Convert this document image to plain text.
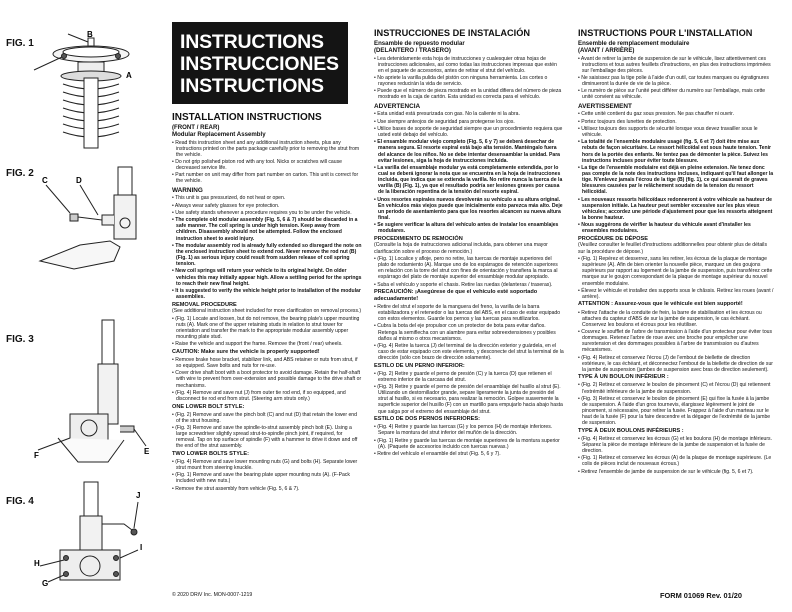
FIG. 1
B
A
FIG. 2
C	D
FIG. 3
F	E
FIG. 4
J
I
H
G
INSTRUCTIONS
INSTRUCCIONES
INSTRUCTIONS
INSTALLATION INSTRUCTIONS
(FRONT / REAR)
Modular Replacement Assembly
• Read this instruction sheet and any additional instruction sheets, plus any instructions printed on the parts package carefully prior to removing the strut from the vehicle.
• Do not grip polished piston rod with any tool. Nicks or scratches will cause decreased service life.
• Part number on unit may differ from part number on carton. This unit is correct for the vehicle.
WARNING
• This unit is gas pressurized, do not heat or open.
• Always wear safety glasses for eye protection.
• Use safety stands whenever a procedure requires you to be under the vehicle.
• The complete old modular assembly (Fig. 5, 6 & 7) should be discarded in a safe manner. The coil spring is under high tension. Keep away from children. Disassembly should not be attempted. Follow the enclosed instruction sheet to avoid injury.
• The modular assembly rod is already fully extended so disregard the note on the enclosed instruction sheet to extend rod. Never remove the rod nut (B) (Fig. 1) as serious injury could result from sudden release of coil spring tension.
• New coil springs will return your vehicle to its original height. On older vehicles this may initially appear high. Allow a settling period for the springs to reach their new final height.
• It is suggested to verify the vehicle height prior to installation of the modular assemblies.
REMOVAL PROCEDURE

(See additional instruction sheet included for more clarification on removal process.)

• (Fig. 1) Locate and loosen, but do not remove, the bearing plate's upper mounting nuts (A). Mark one of the upper retaining studs in relation to strut tower for orientation and transfer the mark to the appropriate modular assembly upper mounting plate stud.
• Raise the vehicle and support the frame. Remove the (front / rear) wheels.
CAUTION: Make sure the vehicle is properly supported!
• Remove brake hose bracket, stabilizer link, and ABS retainer or nuts from strut, if so equipped. Save bolts and nuts for re-use.
• Cover drive shaft boot with a boot protector to avoid damage. Retain the half-shaft with wire to prevent from over-extension and possible damage to the drive shaft or mechanisms.
• (Fig. 4) Remove and save nut (J) from outer tie rod end, if so equipped, and disconnect tie rod end from strut. (Steering arm struts only.)
ONE LOWER BOLT STYLE:
• (Fig. 2) Remove and save the pinch bolt (C) and nut (D) that retain the lower end of the strut housing.
• (Fig. 3) Remove and save the spindle-to-strut assembly pinch bolt (E). Using a large screwdriver slightly spread strut-to-spindle pinch joint, if required, for removal. Tap on top surface of spindle (F) with a hammer to drive it down and off the end of the strut assembly.
TWO LOWER BOLTS STYLE:
• (Fig. 4) Remove and save lower mounting nuts (G) and bolts (H). Separate lower strut mount from steering knuckle.
• (Fig. 1) Remove and save the bearing plate upper mounting nuts (A). (F-Pack included with new nuts.)
• Remove the strut assembly from vehicle (Fig. 5, 6 & 7).
INSTRUCCIONES DE INSTALACIÓN
Ensamble de repuesto modular
(DELANTERO / TRASERO)
• Lea detenidamente esta hoja de instrucciones y cualesquier otras hojas de instrucciones adicionales, así como todas las instrucciones impresas que estén en el paquete de accesorios, antes de retirar el strut del vehículo.
• No apriete la varilla pulida del pistón con ninguna herramienta. Los cortes o rayones reducirán la vida de servicio.
• Puede que el número de pieza mostrado en la unidad difiera del número de pieza mostrado en la caja de cartón. Esta unidad es correcta para el vehículo.
ADVERTENCIA
• Esta unidad está presurizada con gas. No la caliente ni la abra.
• Use siempre anteojos de seguridad para protegerse los ojos.
• Utilice bases de soporte de seguridad siempre que un procedimiento requiera que usted esté debajo del vehículo.
• El ensamble modular viejo completo (Fig. 5, 6 y 7) se deberá desechar de manera segura. El resorte espiral está bajo alta tensión. Manténgalo fuera del alcance de los niños. No se debe intentar desensamblar la unidad. Para evitar lesiones, siga la hoja de instrucciones incluida.
• La varilla del ensamblaje modular ya está completamente extendida, por lo cual se deberá ignorar la nota que se encuentra en la hoja de instrucciones incluida, que indica que se extienda la varilla. No retire nunca la tuerca de la varilla (B) (Fig. 1), ya que el resultado podría ser lesiones graves por causa de la liberación repentina de la tensión del resorte espiral.
• Unos resortes espirales nuevos devolverán su vehículo a su altura original. En vehículos más viejos puede que inicialmente esto parezca más alto. Deje un periodo de asentamiento para que los resortes alcancen su nueva altura final.
• Se sugiere verificar la altura del vehículo antes de instalar los ensamblajes modulares.
PROCEDIMIENTO DE REMOCIÓN

(Consulte la hoja de instrucciones adicional incluida, para obtener una mayor clarificación sobre el proceso de remoción.)

• (Fig. 1) Localice y afloje, pero no retire, las tuercas de montaje superiores del plato de rodamiento (A). Marque uno de los espárragos de retención superiores en relación con la torre del strut con fines de orientación y transfiera la marca al espárrago del plato de montaje superior del ensamblaje modular apropiado.
• Suba el vehículo y soporte el chasis. Retire las ruedas (delanteras / traseras).
PRECAUCIÓN: ¡Asegúrese de que el vehículo esté soportado adecuadamente!
• Retire del strut el soporte de la manguera del freno, la varilla de la barra estabilizadora y el retenedor o las tuercas del ABS, en el caso de estar equipado con estos elementos. Guarde los pernos y las tuercas para reutilizarlos.
• Cubra la bota del eje propulsor con un protector de bota para evitar daños. Retenga la semiflecha con un alambre para evitar sobreextensiones y posibles daños al mismo o otros mecanismos.
• (Fig. 4) Retire la tuerca (J) del terminal de la dirección exterior y guárdela, en el caso de estar equipado con este elemento, y desconecte del strut la terminal de la dirección (sólo con brazo de dirección solamente).
ESTILO DE UN PERNO INFERIOR:
• (Fig. 2) Retire y guarde el perno de presión (C) y la tuerca (D) que retienen el extremo inferior de la carcasa del strut.
• (Fig. 3) Retire y guarde el perno de presión del ensamblaje del husillo al strut (E). Utilizando un destornillador grande, separe ligeramente la junta de presión del strut al husillo, si es necesario, para realizar la remoción. Golpee suavemente la superficie superior del husillo (F) con un martillo para empujarlo hacia abajo hasta que salga por el extremo del ensamblaje del strut.
ESTILO DE DOS PERNOS INFERIORES:
• (Fig. 4) Retire y guarde las tuercas (G) y los pernos (H) de montaje inferiores. Separe la montura del strut inferior del muñón de la dirección.
• (Fig. 1) Retire y guarde las tuercas de montaje superiores de la montura superior (A). (Paquete de accesorios incluido con tuercas nuevas.)
• Retire del vehículo el ensamble del strut (Fig. 5, 6 y 7).
INSTRUCTIONS POUR L'INSTALLATION
Ensemble de remplacement modulaire
(AVANT / ARRIÈRE)
• Avant de retirer la jambe de suspension de sur le véhicule, lisez attentivement ces instructions et tous autres feuillets d'instructions, en plus des instructions imprimées sur l'emballage des pièces.
• Ne saisissez pas la tige polie à l'aide d'un outil, car toutes marques ou égratignures diminueront la durée de vie de la pièce.
• Le numéro de pièce sur l'unité peut différer du numéro sur l'emballage, mais cette unité convient au véhicule.
AVERTISSEMENT
• Cette unité contient du gaz sous pression. Ne pas chauffer ni ouvrir.
• Portez toujours des lunettes de protection.
• Utilisez toujours des supports de sécurité lorsque vous devez travailler sous le véhicule.
• La totalité de l'ensemble modulaire usagé (fig. 5, 6 et 7) doit être mise aux rebuts de façon sécuritaire. Le ressort hélicoïdal est sous haute tension. Tenir hors de la portée des enfants. Ne tentez pas de démonter la pièce. Suivez les instructions incluses pour éviter toute blessure.
• La tige de l'ensemble modulaire est déjà en pleine extension. Ne tenez donc pas compte de la note des instructions incluses, indiquant qu'il faut allonger la tige. N'enlevez jamais l'écrou de la tige (B) (fig. 1), ce qui causerait de graves blessures causées par le relâchement soudain de la tension du ressort hélicoïdal.
• Les nouveaux ressorts hélicoïdaux redonneront à votre véhicule sa hauteur de suspension initiale. La hauteur peut sembler excessive sur les plus vieux véhicules; accordez une période d'ajustement pour que les ressorts atteignent la bonne hauteur.
• Nous suggérons de vérifier la hauteur du véhicule avant d'installer les ensembles modulaires.
PROCÉDURE DE DÉPOSE

(Veuillez consulter le feuillet d'instructions additionnelles pour obtenir plus de détails sur la procédure de dépose.)

• (Fig. 1) Repérez et desserrez, sans les retirer, les écrous de la plaque de montage supérieure (A). Afin de bien orienter la nouvelle pièce, marquez un des goujons supérieurs par rapport au logement de la jambe de suspension, puis transférez cette marque sur le goujon correspondant de la plaque de montage supérieur du nouvel ensemble modulaire.
• Élevez le véhicule et installez des supports sous le châssis. Retirez les roues (avant / arrière).
ATTENTION : Assurez-vous que le véhicule est bien supporté!
• Retirez l'attache de la conduite de frein, la barre de stabilisation et les écrous ou attaches du capteur d'ABS de sur la jambe de suspension, le cas échéant. Conservez les boulons et écrous pour les réutiliser.
• Couvrez le soufflet de l'arbre de transmission à l'aide d'un protecteur pour éviter tous dommages. Retenez l'arbre de roue avec une broche pour empêcher une surextension et des dommages possibles à l'arbre de transmission ou d'autres mécanismes.
• (Fig. 4) Retirez et conservez l'écrou (J) de l'embout de biellette de direction extérieure, le cas échéant, et déconnectez l'embout de la biellette de direction de sur la jambe de suspension (jambes de suspension avec bras de direction seulement).
TYPE À UN BOULON INFÉRIEUR :
• (Fig. 2) Retirez et conservez le boulon de pincement (C) et l'écrou (D) qui retiennent l'extrémité inférieure de la jambe de suspension.
• (Fig. 3) Retirez et conservez le boulon de pincement (E) qui fixe la fusée à la jambe de suspension. À l'aide d'un gros tournevis, élargissez légèrement le joint de pincement, si nécessaire, pour retirer la fusée. Frappez à l'aide d'un marteau sur le haut de la fusée (F) pour la faire descendre et la dégager de l'extrémité de la jambe de suspension.
TYPE À DEUX BOULONS INFÉRIEURS :
• (Fig. 4) Retirez et conservez les écrous (G) et les boulons (H) de montage inférieurs. Séparez la pièce de montage inférieure de la jambe de suspension et la fusée de direction.
• (Fig. 1) Retirez et conservez les écrous (A) de la plaque de montage supérieure. (Le colis de pièces inclut de nouveaux écrous.)
• Retirez l'ensemble de jambe de suspension de sur le véhicule (fig. 5, 6 et 7).
© 2020 DRiV Inc. MON-0007-1219	FORM 01069 Rev. 01/20
